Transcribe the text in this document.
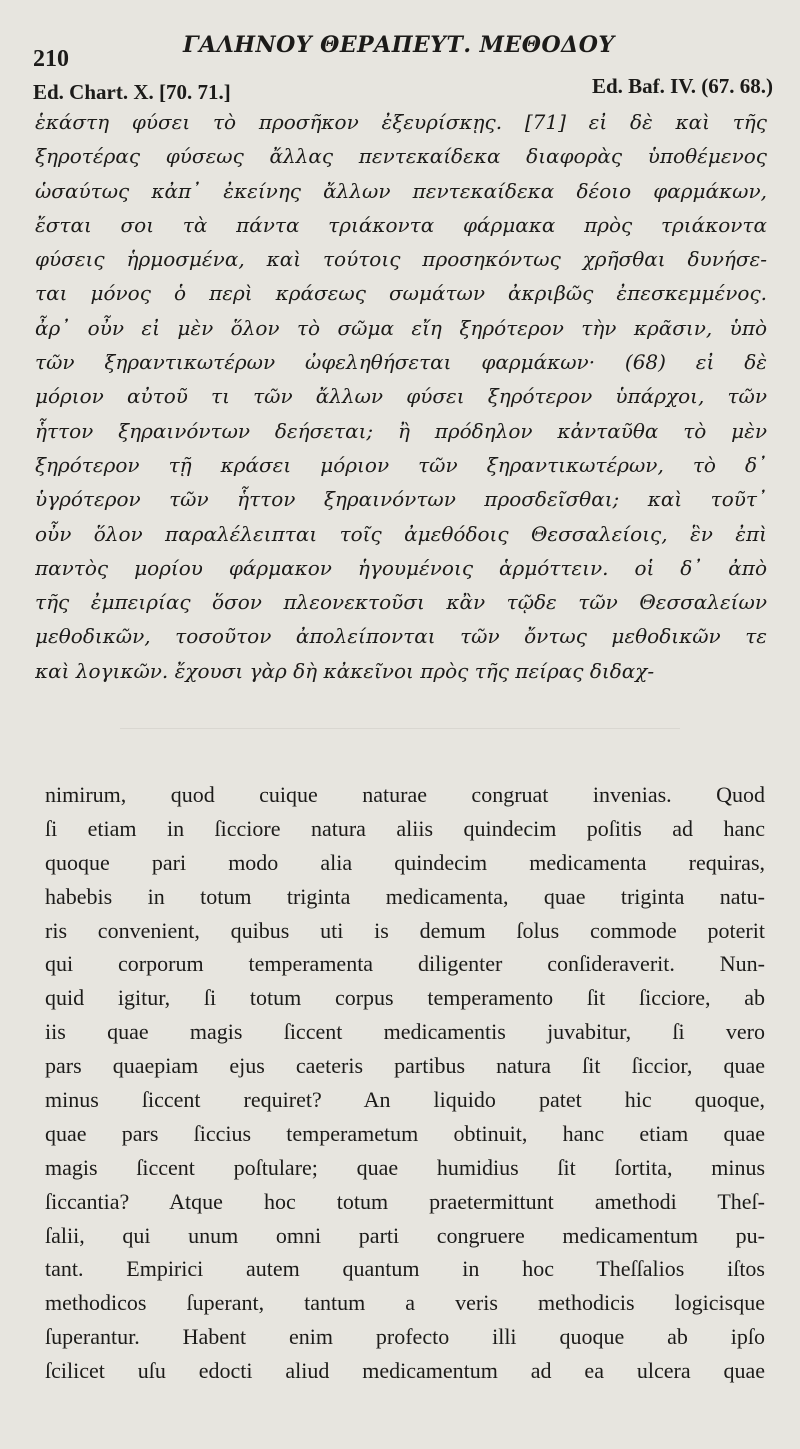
210
ΓΑΛΗΝΟΥ ΘΕΡΑΠΕΥΤ. ΜΕΘΟΔΟΥ
Ed. Chart. X. [70. 71.]	Ed. Baf. IV. (67. 68.)
ἑκάστη φύσει τὸ προσῆκον ἐξευρίσκῃς. [71] εἰ δὲ καὶ τῆς
ξηροτέρας φύσεως ἄλλας πεντεκαίδεκα διαφορὰς ὑποθέμενος
ὡσαύτως κἀπ᾽ ἐκείνης ἄλλων πεντεκαίδεκα δέοιο φαρμάκων,
ἔσται σοι τὰ πάντα τριάκοντα φάρμακα πρὸς τριάκοντα
φύσεις ἡρμοσμένα, καὶ τούτοις προσηκόντως χρῆσθαι δυνήσε-
ται μόνος ὁ περὶ κράσεως σωμάτων ἀκριβῶς ἐπεσκεμμένος.
ἆρ᾽ οὖν εἰ μὲν ὅλον τὸ σῶμα εἴη ξηρότερον τὴν κρᾶσιν, ὑπὸ
τῶν ξηραντικωτέρων ὠφεληθήσεται φαρμάκων· (68) εἰ δὲ
μόριον αὐτοῦ τι τῶν ἄλλων φύσει ξηρότερον ὑπάρχοι, τῶν
ἧττον ξηραινόντων δεήσεται; ἢ πρόδηλον κἀνταῦθα τὸ μὲν
ξηρότερον τῇ κράσει μόριον τῶν ξηραντικωτέρων, τὸ δ᾽
ὑγρότερον τῶν ἧττον ξηραινόντων προσδεῖσθαι; καὶ τοῦτ᾽
οὖν ὅλον παραλέλειπται τοῖς ἀμεθόδοις Θεσσαλείοις, ἓν ἐπὶ
παντὸς μορίου φάρμακον ἡγουμένοις ἁρμόττειν. οἱ δ᾽ ἀπὸ
τῆς ἐμπειρίας ὅσον πλεονεκτοῦσι κἂν τῷδε τῶν Θεσσαλείων
μεθοδικῶν, τοσοῦτον ἀπολείπονται τῶν ὄντως μεθοδικῶν τε
καὶ λογικῶν. ἔχουσι γὰρ δὴ κἀκεῖνοι πρὸς τῆς πείρας διδαχ-
nimirum, quod cuique naturae congruat invenias. Quod
ſi etiam in ſicciore natura aliis quindecim poſitis ad hanc
quoque pari modo alia quindecim medicamenta requiras,
habebis in totum triginta medicamenta, quae triginta natu-
ris convenient, quibus uti is demum ſolus commode poterit
qui corporum temperamenta diligenter conſideraverit. Nun-
quid igitur, ſi totum corpus temperamento ſit ſicciore, ab
iis quae magis ſiccent medicamentis juvabitur, ſi vero
pars quaepiam ejus caeteris partibus natura ſit ſiccior, quae
minus ſiccent requiret? An liquido patet hic quoque,
quae pars ſiccius temperametum obtinuit, hanc etiam quae
magis ſiccent poſtulare; quae humidius ſit ſortita, minus
ſiccantia? Atque hoc totum praetermittunt amethodi Theſ-
ſalii, qui unum omni parti congruere medicamentum pu-
tant. Empirici autem quantum in hoc Theſſalios iſtos
methodicos ſuperant, tantum a veris methodicis logicisque
ſuperantur. Habent enim profecto illi quoque ab ipſo
ſcilicet uſu edocti aliud medicamentum ad ea ulcera quae
